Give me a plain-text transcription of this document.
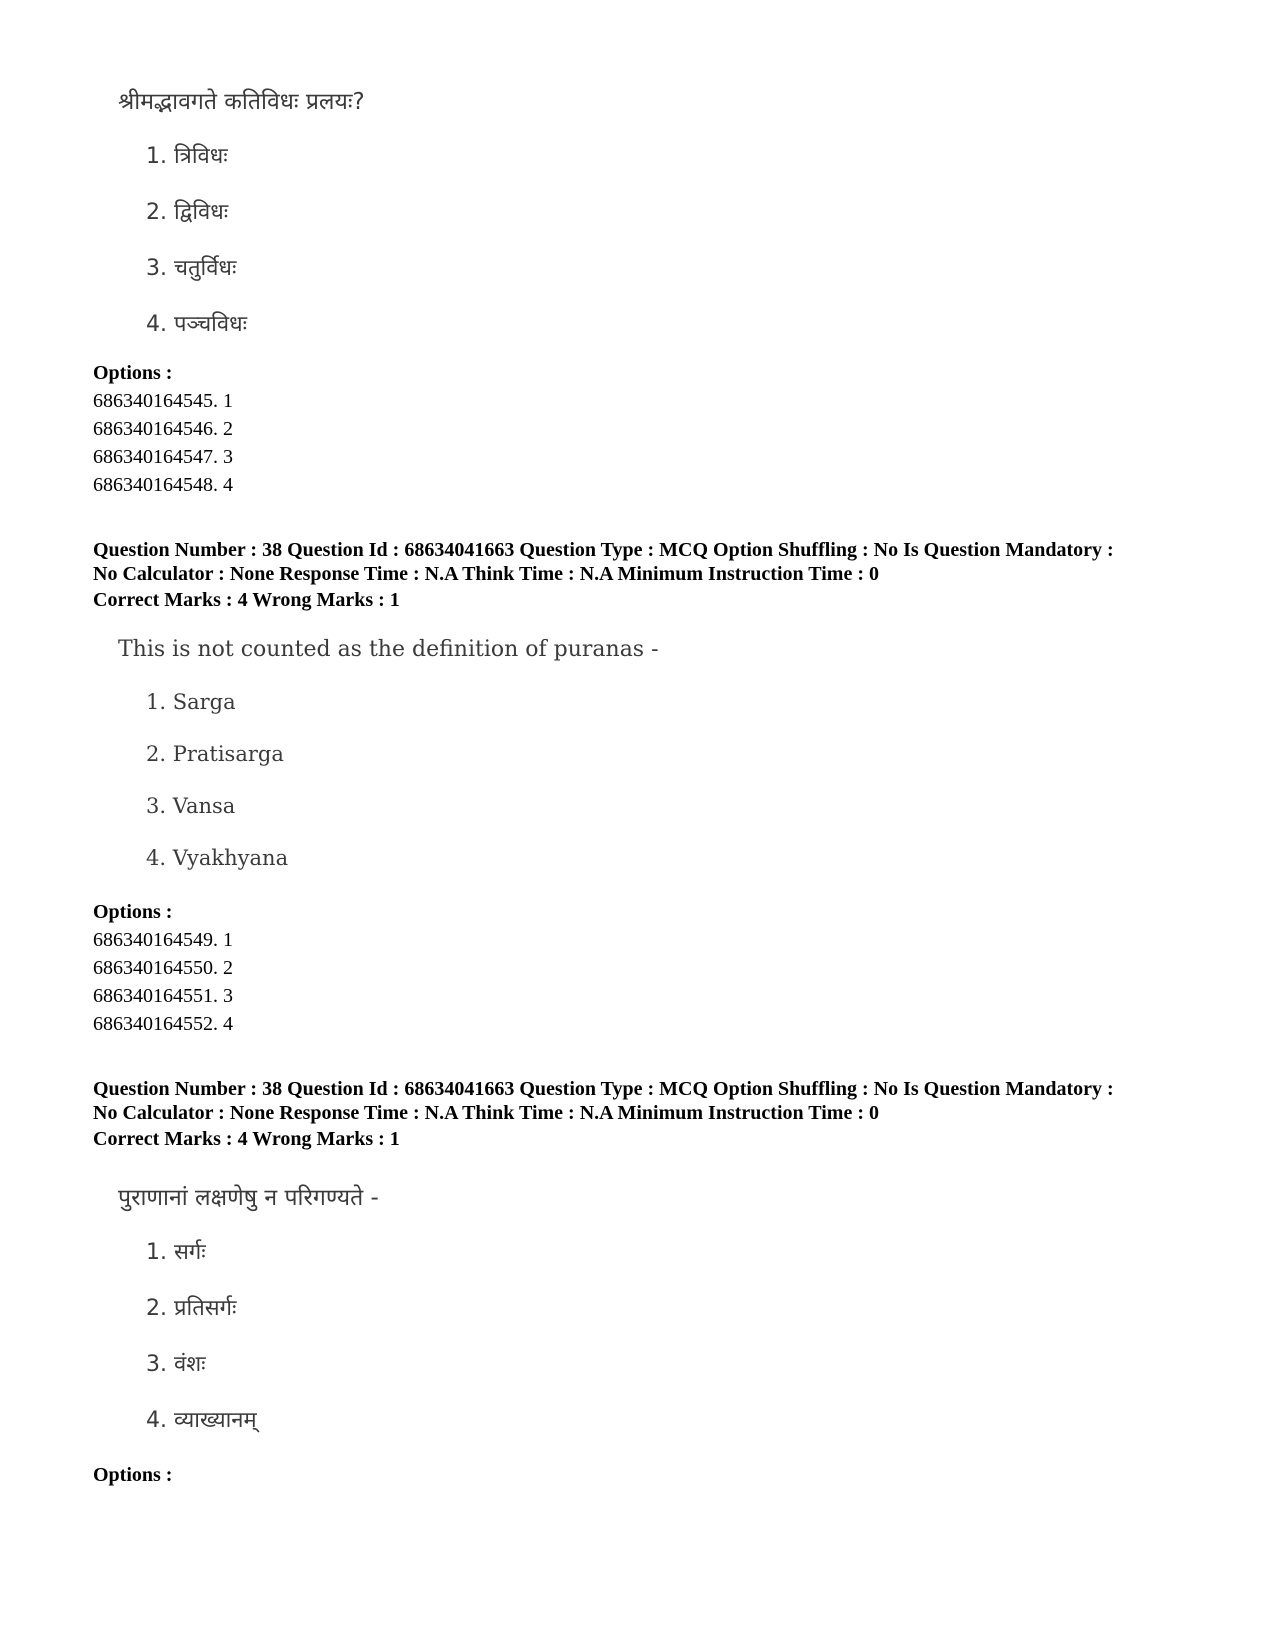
श्रीमद्भावगते कतिविधः प्रलयः?
1. त्रिविधः
2. द्विविधः
3. चतुर्विधः
4. पञ्चविधः
Options :
686340164545. 1
686340164546. 2
686340164547. 3
686340164548. 4
Question Number : 38 Question Id : 68634041663 Question Type : MCQ Option Shuffling : No Is Question Mandatory :
No Calculator : None Response Time : N.A Think Time : N.A Minimum Instruction Time : 0
Correct Marks : 4 Wrong Marks : 1
This is not counted as the definition of puranas -
1. Sarga
2. Pratisarga
3. Vansa
4. Vyakhyana
Options :
686340164549. 1
686340164550. 2
686340164551. 3
686340164552. 4
Question Number : 38 Question Id : 68634041663 Question Type : MCQ Option Shuffling : No Is Question Mandatory :
No Calculator : None Response Time : N.A Think Time : N.A Minimum Instruction Time : 0
Correct Marks : 4 Wrong Marks : 1
पुराणानां लक्षणेषु न परिगण्यते -
1. सर्गः
2. प्रतिसर्गः
3. वंशः
4. व्याख्यानम्
Options :
